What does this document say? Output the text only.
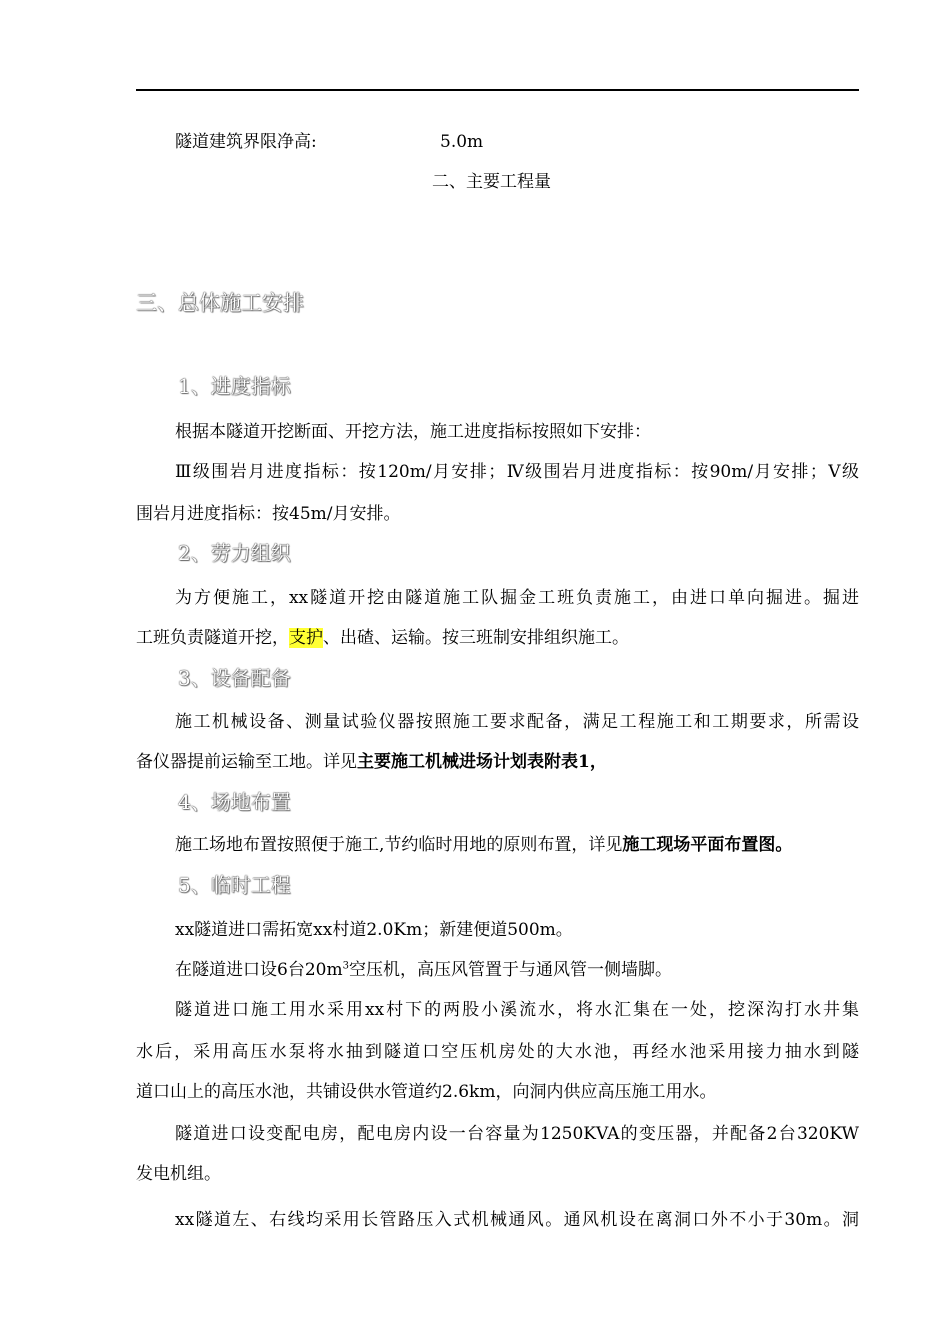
隧道建筑界限净高:	5.0m
二、主要工程量
三、总体施工安排
1、进度指标
根据本隧道开挖断面、开挖方法，施工进度指标按照如下安排：
Ⅲ级围岩月进度指标：按120m/月安排；Ⅳ级围岩月进度指标：按90m/月安排；Ⅴ级
围岩月进度指标：按45m/月安排。
2、劳力组织
为方便施工，xx隧道开挖由隧道施工队掘金工班负责施工，由进口单向掘进。掘进
工班负责隧道开挖，支护、出碴、运输。按三班制安排组织施工。
3、设备配备
施工机械设备、测量试验仪器按照施工要求配备，满足工程施工和工期要求，所需设
备仪器提前运输至工地。详见主要施工机械进场计划表附表1，
4、场地布置
施工场地布置按照便于施工,节约临时用地的原则布置，详见施工现场平面布置图。
5、临时工程
xx隧道进口需拓宽xx村道2.0Km；新建便道500m。
在隧道进口设6台$20m^3$空压机，高压风管置于与通风管一侧墙脚。
隧道进口施工用水采用xx村下的两股小溪流水，将水汇集在一处，挖深沟打水井集
水后，采用高压水泵将水抽到隧道口空压机房处的大水池，再经水池采用接力抽水到隧
道口山上的高压水池，共铺设供水管道约2.6km，向洞内供应高压施工用水。
隧道进口设变配电房，配电房内设一台容量为1250KVA的变压器，并配备2台320KW
发电机组。
xx隧道左、右线均采用长管路压入式机械通风。通风机设在离洞口外不小于30m。洞
